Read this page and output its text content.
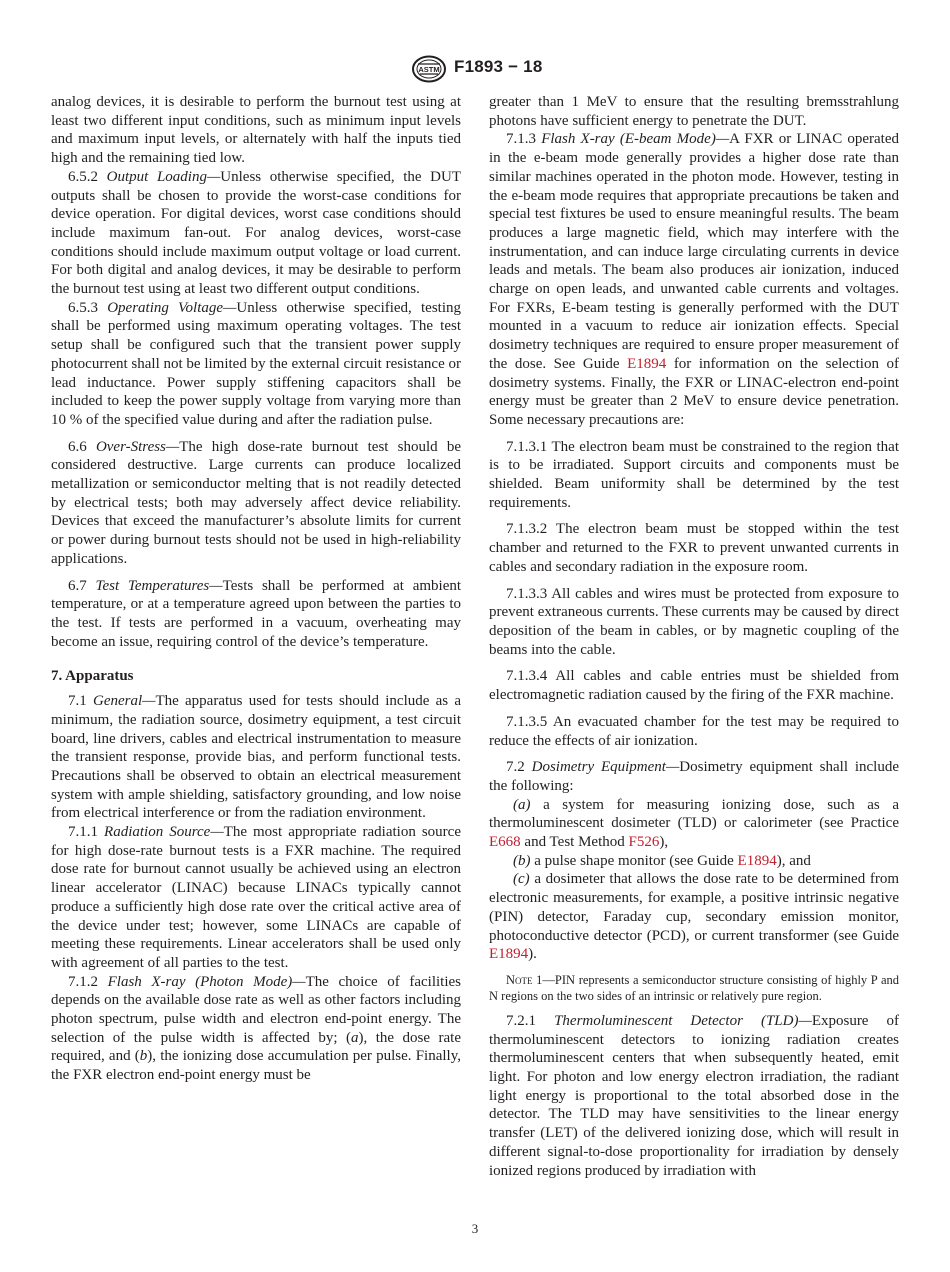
ASTM F1893 − 18

analog devices, it is desirable to perform the burnout test using at least two different input conditions, such as minimum input levels and maximum input levels, or alternately with half the inputs tied high and the remaining tied low.

6.5.2 Output Loading—Unless otherwise specified, the DUT outputs shall be chosen to provide the worst-case conditions for device operation. For digital devices, worst case conditions should include maximum fan-out. For analog devices, worst-case conditions should include maximum output voltage or load current. For both digital and analog devices, it may be desirable to perform the burnout test using at least two different output conditions.

6.5.3 Operating Voltage—Unless otherwise specified, testing shall be performed using maximum operating voltages. The test setup shall be configured such that the transient power supply photocurrent shall not be limited by the external circuit resistance or lead inductance. Power supply stiffening capacitors shall be included to keep the power supply voltage from varying more than 10 % of the specified value during and after the radiation pulse.

6.6 Over-Stress—The high dose-rate burnout test should be considered destructive. Large currents can produce localized metallization or semiconductor melting that is not readily detected by electrical tests; both may adversely affect device reliability. Devices that exceed the manufacturer’s absolute limits for current or power during burnout tests should not be used in high-reliability applications.

6.7 Test Temperatures—Tests shall be performed at ambient temperature, or at a temperature agreed upon between the parties to the test. If tests are performed in a vacuum, overheating may become an issue, requiring control of the device’s temperature.

7. Apparatus

7.1 General—The apparatus used for tests should include as a minimum, the radiation source, dosimetry equipment, a test circuit board, line drivers, cables and electrical instrumentation to measure the transient response, provide bias, and perform functional tests. Precautions shall be observed to obtain an electrical measurement system with ample shielding, satisfactory grounding, and low noise from electrical interference or from the radiation environment.

7.1.1 Radiation Source—The most appropriate radiation source for high dose-rate burnout tests is a FXR machine. The required dose rate for burnout cannot usually be achieved using an electron linear accelerator (LINAC) because LINACs typically cannot produce a sufficiently high dose rate over the critical active area of the device under test; however, some LINACs are capable of meeting these requirements. Linear accelerators shall be used only with agreement of all parties to the test.

7.1.2 Flash X-ray (Photon Mode)—The choice of facilities depends on the available dose rate as well as other factors including photon spectrum, pulse width and electron end-point energy. The selection of the pulse width is affected by; (a), the dose rate required, and (b), the ionizing dose accumulation per pulse. Finally, the FXR electron end-point energy must be

greater than 1 MeV to ensure that the resulting bremsstrahlung photons have sufficient energy to penetrate the DUT.

7.1.3 Flash X-ray (E-beam Mode)—A FXR or LINAC operated in the e-beam mode generally provides a higher dose rate than similar machines operated in the photon mode. However, testing in the e-beam mode requires that appropriate precautions be taken and special test fixtures be used to ensure meaningful results. The beam produces a large magnetic field, which may interfere with the instrumentation, and can induce large circulating currents in device leads and metals. The beam also produces air ionization, induced charge on open leads, and unwanted cable currents and voltages. For FXRs, E-beam testing is generally performed with the DUT mounted in a vacuum to reduce air ionization effects. Special dosimetry techniques are required to ensure proper measurement of the dose. See Guide E1894 for information on the selection of dosimetry systems. Finally, the FXR or LINAC-electron end-point energy must be greater than 2 MeV to ensure device penetration. Some necessary precautions are:

7.1.3.1 The electron beam must be constrained to the region that is to be irradiated. Support circuits and components must be shielded. Beam uniformity shall be determined by the test requirements.

7.1.3.2 The electron beam must be stopped within the test chamber and returned to the FXR to prevent unwanted currents in cables and secondary radiation in the exposure room.

7.1.3.3 All cables and wires must be protected from exposure to prevent extraneous currents. These currents may be caused by direct deposition of the beam in cables, or by magnetic coupling of the beams into the cable.

7.1.3.4 All cables and cable entries must be shielded from electromagnetic radiation caused by the firing of the FXR machine.

7.1.3.5 An evacuated chamber for the test may be required to reduce the effects of air ionization.

7.2 Dosimetry Equipment—Dosimetry equipment shall include the following:

(a) a system for measuring ionizing dose, such as a thermoluminescent dosimeter (TLD) or calorimeter (see Practice E668 and Test Method F526),

(b) a pulse shape monitor (see Guide E1894), and

(c) a dosimeter that allows the dose rate to be determined from electronic measurements, for example, a positive intrinsic negative (PIN) detector, Faraday cup, secondary emission monitor, photoconductive detector (PCD), or current transformer (see Guide E1894).

Note 1—PIN represents a semiconductor structure consisting of highly P and N regions on the two sides of an intrinsic or relatively pure region.

7.2.1 Thermoluminescent Detector (TLD)—Exposure of thermoluminescent detectors to ionizing radiation creates thermoluminescent centers that when subsequently heated, emit light. For photon and low energy electron irradiation, the radiant light energy is proportional to the total absorbed dose in the detector. The TLD may have sensitivities to the linear energy transfer (LET) of the delivered ionizing dose, which will result in different signal-to-dose proportionality for irradiation by densely ionized regions produced by irradiation with

3
